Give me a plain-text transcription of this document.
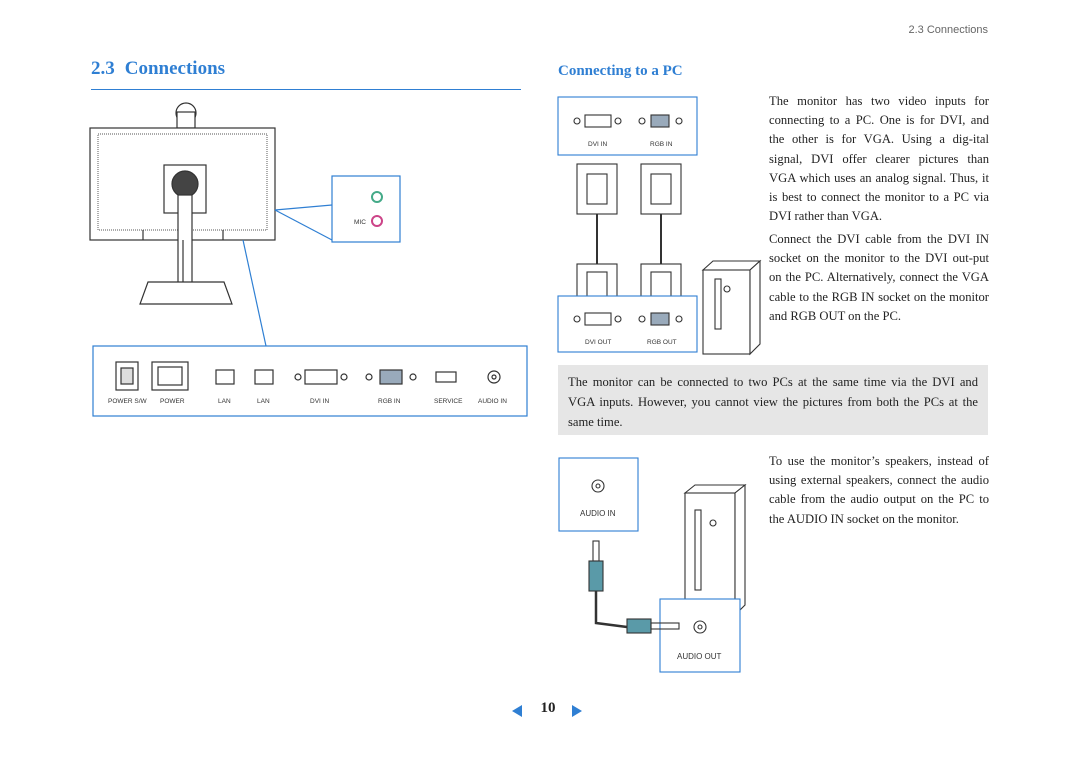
2.3 Connections
2.3 Connections	Connecting to a PC
MIC
POWER S/W POWER	LAN	LAN	DVI IN	RGB IN	SERVICE AUDIO IN
DVI IN	RGB IN
DVI OUT	RGB OUT
The monitor has two video inputs for connecting to a PC. One is for DVI, and the other is for VGA. Using a dig-ital signal, DVI offer clearer pictures than VGA which uses an analog signal. Thus, it is best to connect the monitor to a PC via DVI rather than VGA.
Connect the DVI cable from the DVI IN socket on the monitor to the DVI out-put on the PC. Alternatively, connect the VGA cable to the RGB IN socket on the monitor and RGB OUT on the PC.
The monitor can be connected to two PCs at the same time via the DVI and VGA inputs. However, you cannot view the pictures from both the PCs at the same time.
AUDIO IN
AUDIO OUT
To use the monitor’s speakers, instead of using external speakers, connect the audio cable from the audio output on the PC to the AUDIO IN socket on the monitor.
10
